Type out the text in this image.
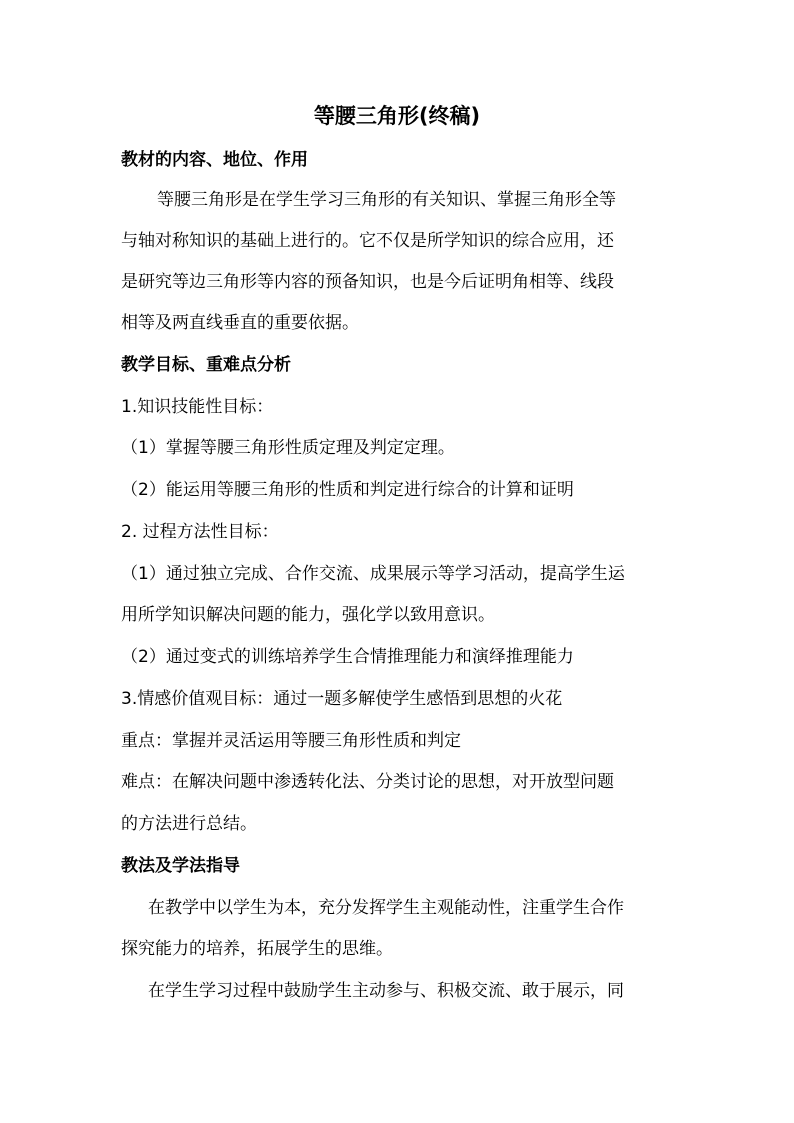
等腰三角形(终稿)
教材的内容、地位、作用
等腰三角形是在学生学习三角形的有关知识、掌握三角形全等
与轴对称知识的基础上进行的。它不仅是所学知识的综合应用，还
是研究等边三角形等内容的预备知识，也是今后证明角相等、线段
相等及两直线垂直的重要依据。
教学目标、重难点分析
1.知识技能性目标：
（1）掌握等腰三角形性质定理及判定定理。
（2）能运用等腰三角形的性质和判定进行综合的计算和证明
2. 过程方法性目标：
（1）通过独立完成、合作交流、成果展示等学习活动，提高学生运
用所学知识解决问题的能力，强化学以致用意识。
（2）通过变式的训练培养学生合情推理能力和演绎推理能力
3.情感价值观目标：通过一题多解使学生感悟到思想的火花
重点：掌握并灵活运用等腰三角形性质和判定
难点：在解决问题中渗透转化法、分类讨论的思想，对开放型问题
的方法进行总结。
教法及学法指导
在教学中以学生为本，充分发挥学生主观能动性，注重学生合作
探究能力的培养，拓展学生的思维。
在学生学习过程中鼓励学生主动参与、积极交流、敢于展示，同
